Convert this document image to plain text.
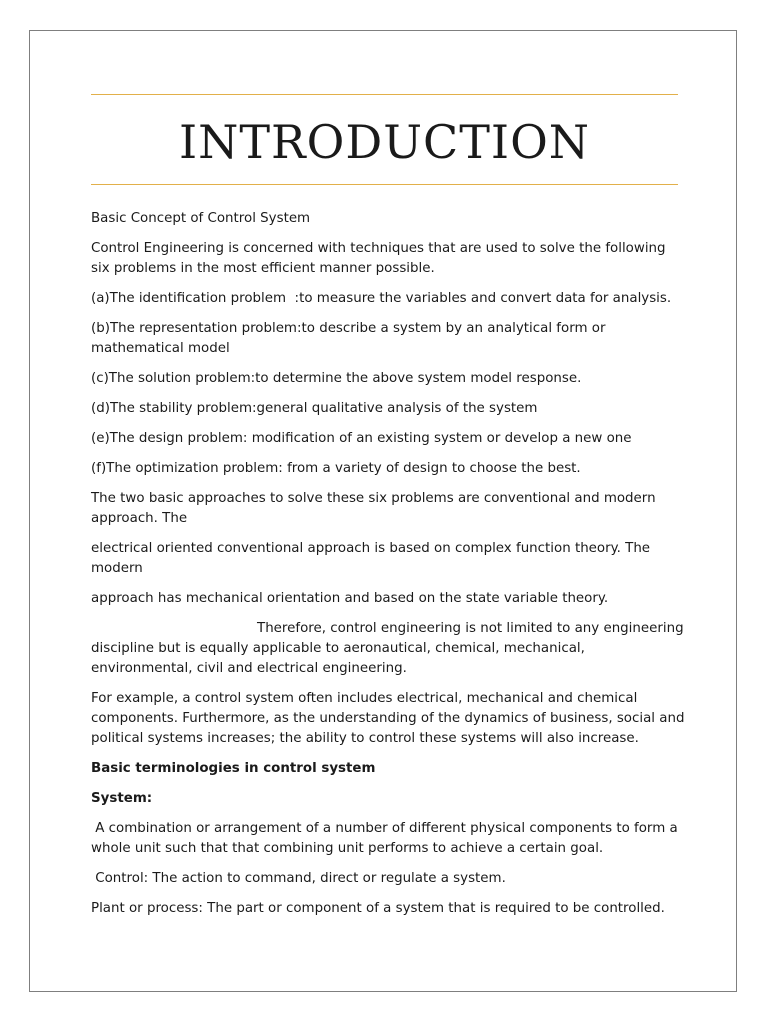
INTRODUCTION

Basic Concept of Control System

Control Engineering is concerned with techniques that are used to solve the following
six problems in the most efficient manner possible.

(a)The identification problem  :to measure the variables and convert data for analysis.

(b)The representation problem:to describe a system by an analytical form or
mathematical model

(c)The solution problem:to determine the above system model response.

(d)The stability problem:general qualitative analysis of the system

(e)The design problem: modification of an existing system or develop a new one

(f)The optimization problem: from a variety of design to choose the best.

The two basic approaches to solve these six problems are conventional and modern
approach. The

electrical oriented conventional approach is based on complex function theory. The
modern

approach has mechanical orientation and based on the state variable theory.

Therefore, control engineering is not limited to any engineering
discipline but is equally applicable to aeronautical, chemical, mechanical,
environmental, civil and electrical engineering.

For example, a control system often includes electrical, mechanical and chemical
components. Furthermore, as the understanding of the dynamics of business, social and
political systems increases; the ability to control these systems will also increase.

Basic terminologies in control system

System:

A combination or arrangement of a number of different physical components to form a
whole unit such that that combining unit performs to achieve a certain goal.

Control: The action to command, direct or regulate a system.

Plant or process: The part or component of a system that is required to be controlled.
